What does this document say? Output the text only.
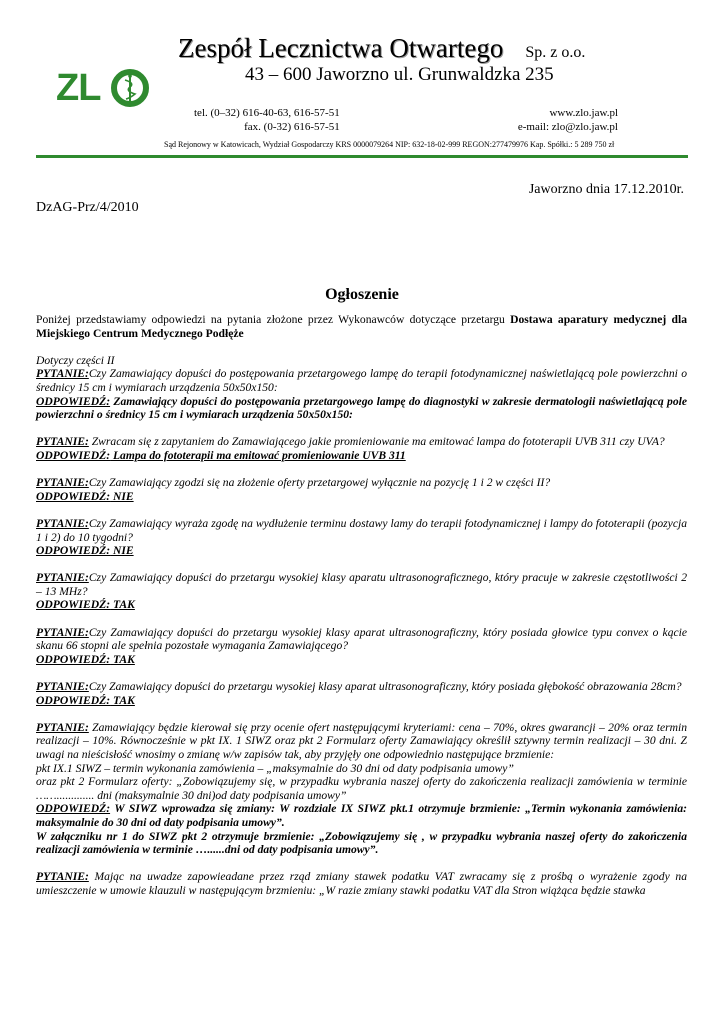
ZL
Zespół Lecznictwa Otwartego Sp. z o.o.
43 – 600 Jaworzno ul. Grunwaldzka 235
tel. (0–32) 616-40-63, 616-57-51
fax. (0-32) 616-57-51
www.zlo.jaw.pl
e-mail: zlo@zlo.jaw.pl
Sąd Rejonowy w Katowicach, Wydział Gospodarczy KRS 0000079264 NIP: 632-18-02-999 REGON:277479976 Kap. Spółki.: 5 289 750 zł
Jaworzno dnia 17.12.2010r.
DzAG-Prz/4/2010
Ogłoszenie

Poniżej przedstawiamy odpowiedzi na pytania złożone przez Wykonawców dotyczące przetargu Dostawa aparatury medycznej dla Miejskiego Centrum Medycznego Podłęże

Dotyczy części II

PYTANIE:Czy Zamawiający dopuści do postępowania przetargowego lampę do terapii fotodynamicznej naświetlającą pole powierzchni o średnicy 15 cm i wymiarach urządzenia 50x50x150:

ODPOWIEDŹ: Zamawiający dopuści do postępowania przetargowego lampę do diagnostyki w zakresie dermatologii naświetlającą pole powierzchni o średnicy 15 cm i wymiarach urządzenia 50x50x150:

PYTANIE: Zwracam się z zapytaniem do Zamawiającego jakie promieniowanie ma emitować lampa do fototerapii UVB 311 czy UVA?

ODPOWIEDŹ: Lampa do fototerapii ma emitować promieniowanie UVB 311

PYTANIE:Czy Zamawiający zgodzi się na złożenie oferty przetargowej wyłącznie na pozycję 1 i 2 w części II?

ODPOWIEDŹ: NIE

PYTANIE:Czy Zamawiający wyraża zgodę na wydłużenie terminu dostawy lamy do terapii fotodynamicznej i lampy do fototerapii (pozycja 1 i 2) do 10 tygodni?

ODPOWIEDŹ: NIE

PYTANIE:Czy Zamawiający dopuści do przetargu wysokiej klasy aparatu ultrasonograficznego, który pracuje w zakresie częstotliwości 2 – 13 MHz?

ODPOWIEDŹ: TAK

PYTANIE:Czy Zamawiający dopuści do przetargu wysokiej klasy aparat ultrasonograficzny, który posiada głowice typu convex o kącie skanu 66 stopni ale spełnia pozostałe wymagania Zamawiającego?

ODPOWIEDŹ: TAK

PYTANIE:Czy Zamawiający dopuści do przetargu wysokiej klasy aparat ultrasonograficzny, który posiada głębokość obrazowania 28cm?

ODPOWIEDŹ: TAK

PYTANIE: Zamawiający będzie kierował się przy ocenie ofert następującymi kryteriami: cena – 70%, okres gwarancji – 20% oraz termin realizacji – 10%. Równocześnie w pkt IX. 1 SIWZ oraz pkt 2 Formularz oferty Zamawiający określił sztywny termin realizacji – 30 dni. Z uwagi na nieścisłość wnosimy o zmianę w/w zapisów tak, aby przyjęły one odpowiednio następujące brzmienie:

pkt IX.1 SIWZ – termin wykonania zamówienia – „maksymalnie do 30 dni od daty podpisania umowy”

oraz pkt 2 Formularz oferty: „Zobowiązujemy się, w przypadku wybrania naszej oferty do zakończenia realizacji zamówienia w terminie ……............. dni (maksymalnie 30 dni)od daty podpisania umowy”

ODPOWIEDŹ: W SIWZ wprowadza się zmiany: W rozdziale IX SIWZ pkt.1 otrzymuje brzmienie: „Termin wykonania zamówienia: maksymalnie do 30 dni od daty podpisania umowy”.

W załączniku nr 1 do SIWZ pkt 2 otrzymuje brzmienie: „Zobowiązujemy się , w przypadku wybrania naszej oferty do zakończenia realizacji zamówienia w terminie …......dni od daty podpisania umowy”.

PYTANIE: Mając na uwadze zapowieadane przez rząd zmiany stawek podatku VAT zwracamy się z prośbą o wyrażenie zgody na umieszczenie w umowie klauzuli w następującym brzmieniu: „W razie zmiany stawki podatku VAT dla Stron wiążąca będzie stawka
